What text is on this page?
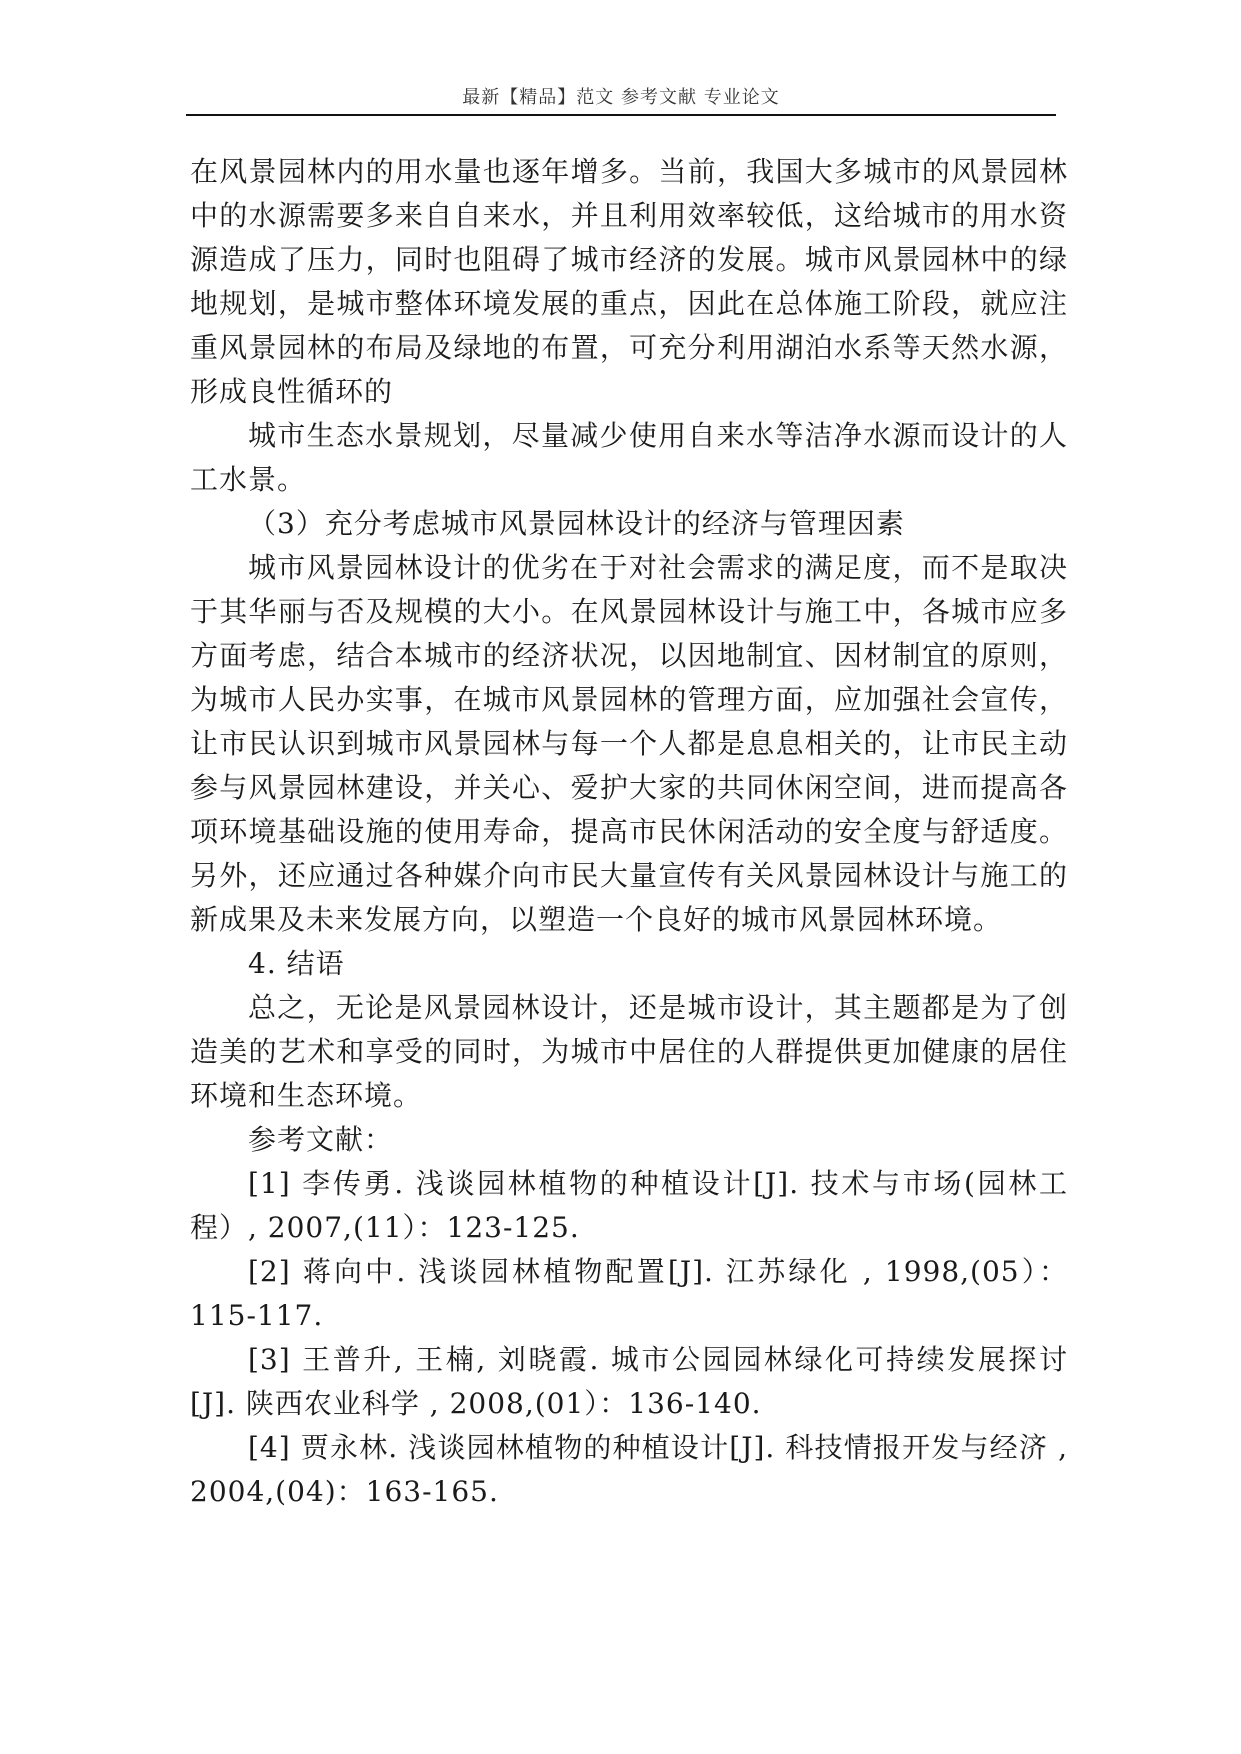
最新【精品】范文 参考文献 专业论文

在风景园林内的用水量也逐年增多。当前，我国大多城市的风景园林中的水源需要多来自自来水，并且利用效率较低，这给城市的用水资源造成了压力，同时也阻碍了城市经济的发展。城市风景园林中的绿地规划，是城市整体环境发展的重点，因此在总体施工阶段，就应注重风景园林的布局及绿地的布置，可充分利用湖泊水系等天然水源，形成良性循环的

城市生态水景规划，尽量减少使用自来水等洁净水源而设计的人工水景。

（3）充分考虑城市风景园林设计的经济与管理因素

城市风景园林设计的优劣在于对社会需求的满足度，而不是取决于其华丽与否及规模的大小。在风景园林设计与施工中，各城市应多方面考虑，结合本城市的经济状况，以因地制宜、因材制宜的原则，为城市人民办实事，在城市风景园林的管理方面，应加强社会宣传，让市民认识到城市风景园林与每一个人都是息息相关的，让市民主动参与风景园林建设，并关心、爱护大家的共同休闲空间，进而提高各项环境基础设施的使用寿命，提高市民休闲活动的安全度与舒适度。另外，还应通过各种媒介向市民大量宣传有关风景园林设计与施工的新成果及未来发展方向，以塑造一个良好的城市风景园林环境。

4. 结语

总之，无论是风景园林设计，还是城市设计，其主题都是为了创造美的艺术和享受的同时，为城市中居住的人群提供更加健康的居住环境和生态环境。

参考文献：

[1] 李传勇. 浅谈园林植物的种植设计[J]. 技术与市场(园林工程）, 2007,(11）：123-125.

[2] 蒋向中. 浅谈园林植物配置[J]. 江苏绿化 , 1998,(05）：115-117.

[3] 王普升, 王楠, 刘晓霞. 城市公园园林绿化可持续发展探讨[J]. 陕西农业科学 , 2008,(01）：136-140.

[4] 贾永林. 浅谈园林植物的种植设计[J]. 科技情报开发与经济 , 2004,(04)：163-165.
